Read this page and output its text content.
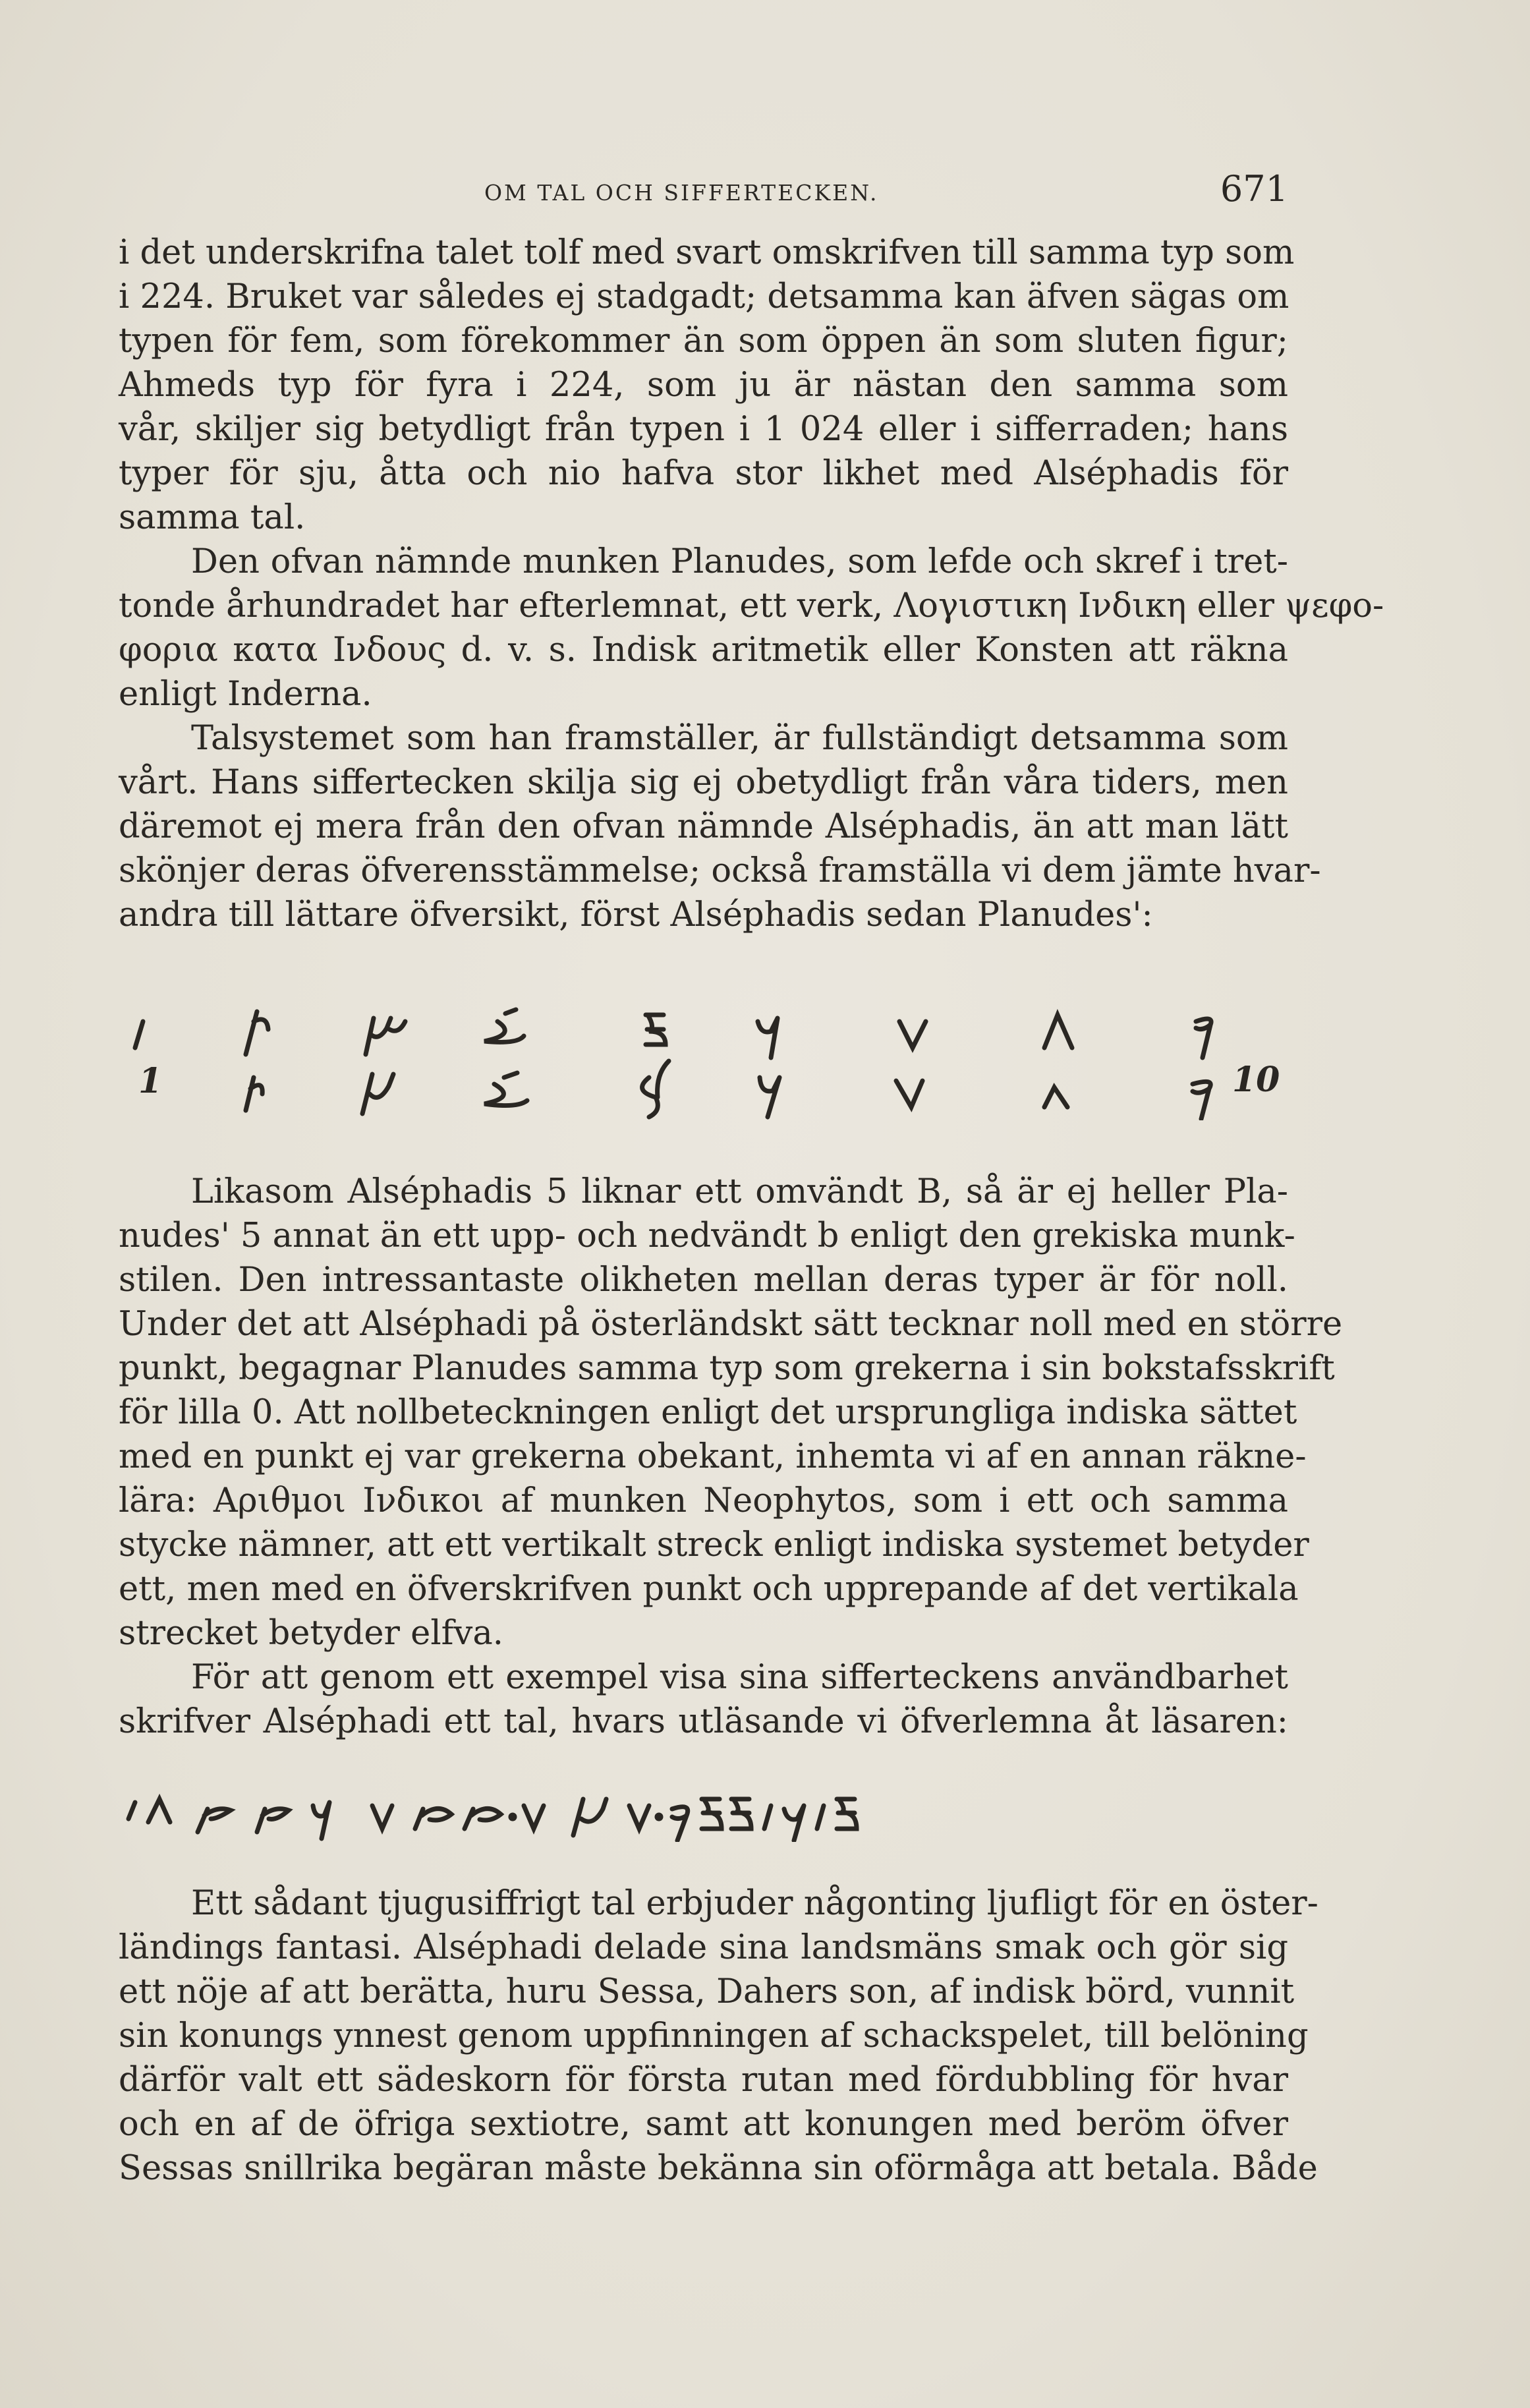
OM TAL OCH SIFFERTECKEN.	671
i det underskrifna talet tolf med svart omskrifven till samma typ som
i 224. Bruket var således ej stadgadt; detsamma kan äfven sägas om
typen för fem, som förekommer än som öppen än som sluten figur;
Ahmeds typ för fyra i 224, som ju är nästan den samma som
vår, skiljer sig betydligt från typen i 1 024 eller i sifferraden; hans
typer för sju, åtta och nio hafva stor likhet med Alséphadis för
samma tal.
Den ofvan nämnde munken Planudes, som lefde och skref i tret-
tonde århundradet har efterlemnat, ett verk, Λογιστικη Ινδικη eller ψεφο-
φορια κατα Ινδους d. v. s. Indisk aritmetik eller Konsten att räkna
enligt Inderna.
Talsystemet som han framställer, är fullständigt detsamma som
vårt. Hans siffertecken skilja sig ej obetydligt från våra tiders, men
däremot ej mera från den ofvan nämnde Alséphadis, än att man lätt
skönjer deras öfverensstämmelse; också framställa vi dem jämte hvar-
andra till lättare öfversikt, först Alséphadis sedan Planudes':
1	10
Likasom Alséphadis 5 liknar ett omvändt B, så är ej heller Pla-
nudes' 5 annat än ett upp- och nedvändt b enligt den grekiska munk-
stilen. Den intressantaste olikheten mellan deras typer är för noll.
Under det att Alséphadi på österländskt sätt tecknar noll med en större
punkt, begagnar Planudes samma typ som grekerna i sin bokstafsskrift
för lilla 0. Att nollbeteckningen enligt det ursprungliga indiska sättet
med en punkt ej var grekerna obekant, inhemta vi af en annan räkne-
lära: Αριθμοι Ινδικοι af munken Neophytos, som i ett och samma
stycke nämner, att ett vertikalt streck enligt indiska systemet betyder
ett, men med en öfverskrifven punkt och upprepande af det vertikala
strecket betyder elfva.
För att genom ett exempel visa sina sifferteckens användbarhet
skrifver Alséphadi ett tal, hvars utläsande vi öfverlemna åt läsaren:
Ett sådant tjugusiffrigt tal erbjuder någonting ljufligt för en öster-
ländings fantasi. Alséphadi delade sina landsmäns smak och gör sig
ett nöje af att berätta, huru Sessa, Dahers son, af indisk börd, vunnit
sin konungs ynnest genom uppfinningen af schackspelet, till belöning
därför valt ett sädeskorn för första rutan med fördubbling för hvar
och en af de öfriga sextiotre, samt att konungen med beröm öfver
Sessas snillrika begäran måste bekänna sin oförmåga att betala. Både
